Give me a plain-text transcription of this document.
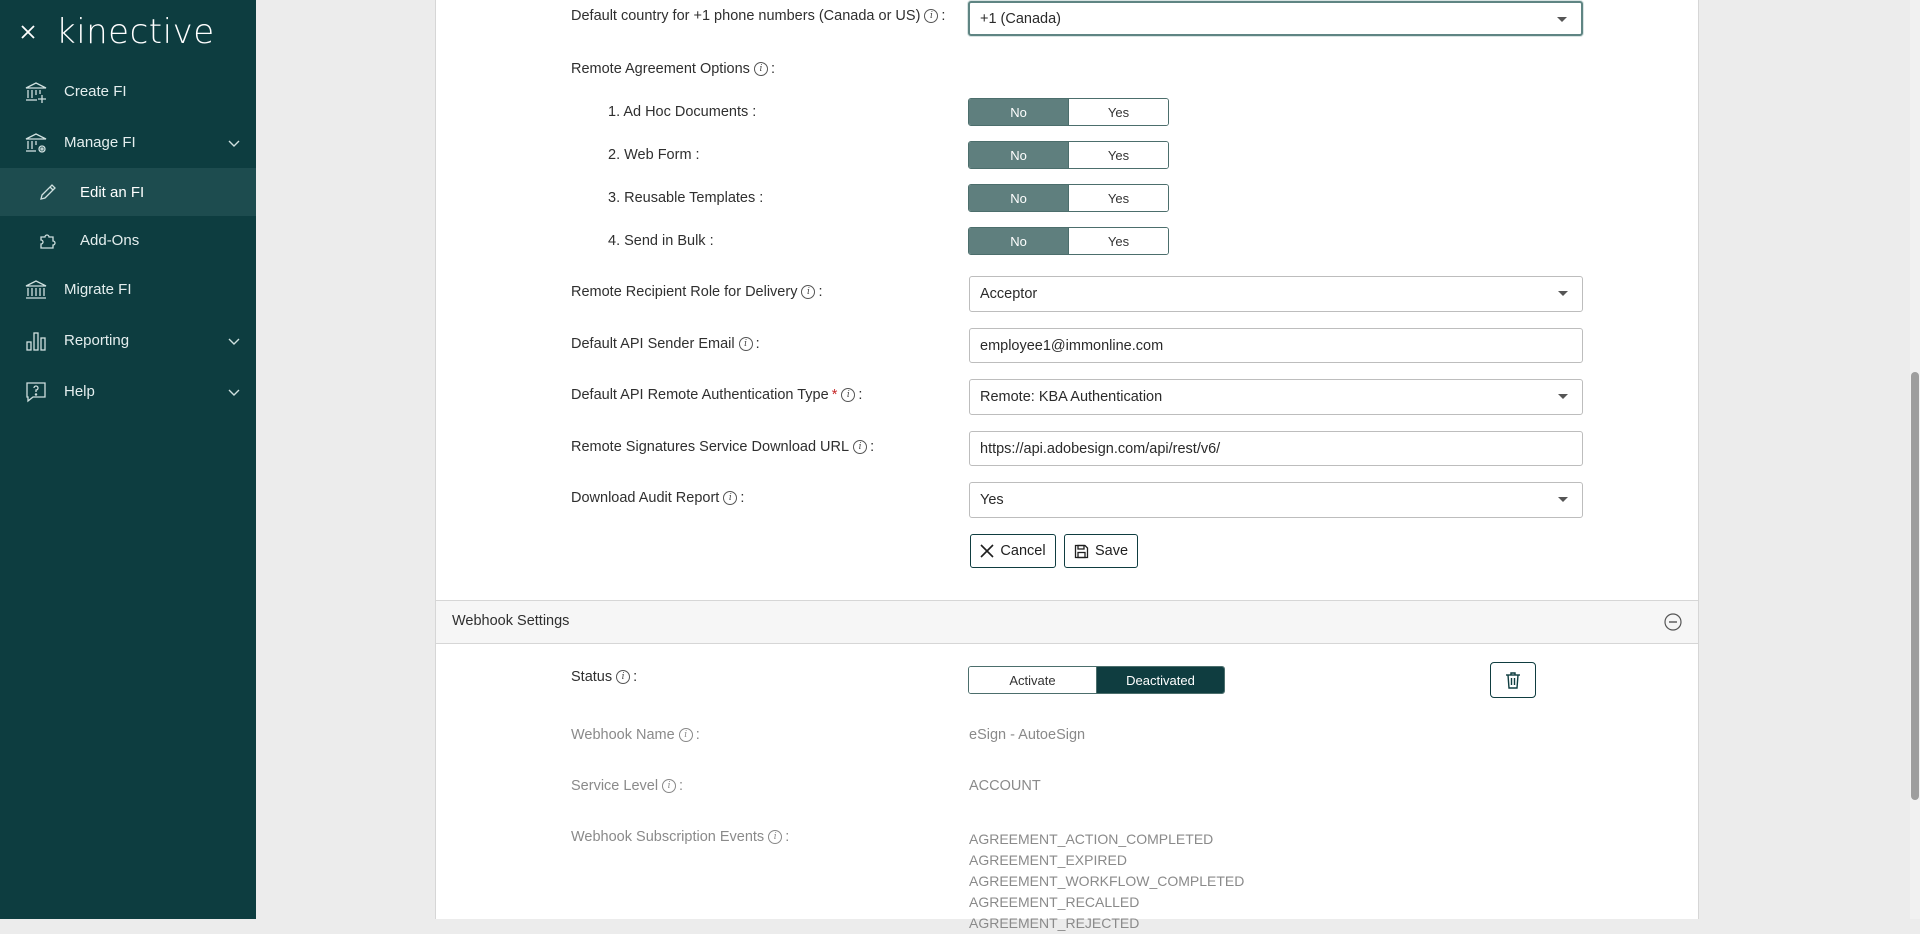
kinective
Create FI
Manage FI
Edit an FI
Add-Ons
Migrate FI
Reporting
Help
Default country for +1 phone numbers (Canada or US)	i : +1 (Canada)
Remote Agreement Options	i :
1. Ad Hoc Documents :	No	Yes
2. Web Form :	No	Yes
3. Reusable Templates :	No	Yes
4. Send in Bulk :	No	Yes
Remote Recipient Role for Delivery	i :	Acceptor
Default API Sender Email	i :	employee1@immonline.com
Default API Remote Authentication Type *	i :	Remote: KBA Authentication
Remote Signatures Service Download URL	i :	https://api.adobesign.com/api/rest/v6/
Download Audit Report	i :	Yes
Cancel	Save
Webhook Settings
Status	i :	Activate	Deactivated
Webhook Name	i :	eSign - AutoeSign
Service Level	i :	ACCOUNT
Webhook Subscription Events	i :	AGREEMENT_ACTION_COMPLETED
AGREEMENT_EXPIRED
AGREEMENT_WORKFLOW_COMPLETED
AGREEMENT_RECALLED
AGREEMENT_REJECTED
